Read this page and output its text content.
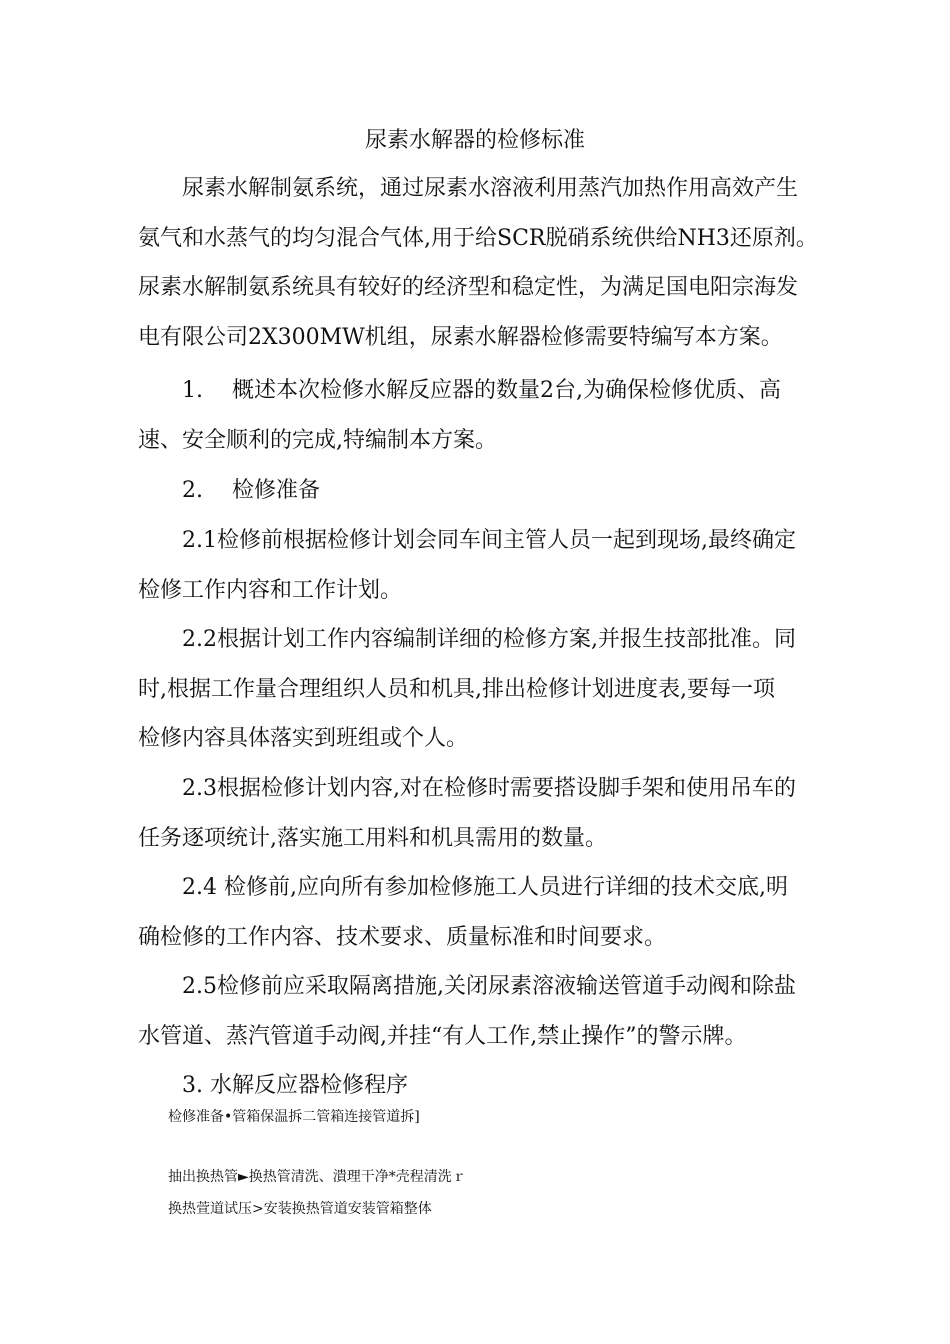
尿素水解器的检修标准
　　尿素水解制氨系统，通过尿素水溶液利用蒸汽加热作用高效产生
氨气和水蒸气的均匀混合气体,用于给SCR脱硝系统供给NH3还原剂。
尿素水解制氨系统具有较好的经济型和稳定性，为满足国电阳宗海发
电有限公司2X300MW机组，尿素水解器检修需要特编写本方案。
　　1.　 概述本次检修水解反应器的数量2台,为确保检修优质、高
速、安全顺利的完成,特编制本方案。
　　2.　 检修准备
　　2.1检修前根据检修计划会同车间主管人员一起到现场,最终确定
检修工作内容和工作计划。
　　2.2根据计划工作内容编制详细的检修方案,并报生技部批准。同
时,根据工作量合理组织人员和机具,排出检修计划进度表,要每一项
检修内容具体落实到班组或个人。
　　2.3根据检修计划内容,对在检修时需要搭设脚手架和使用吊车的
任务逐项统计,落实施工用料和机具需用的数量。
　　2.4 检修前,应向所有参加检修施工人员进行详细的技术交底,明
确检修的工作内容、技术要求、质量标准和时间要求。
　　2.5检修前应采取隔离措施,关闭尿素溶液输送管道手动阀和除盐
水管道、蒸汽管道手动阀,并挂“有人工作,禁止操作”的警示牌。
　　3. 水解反应器检修程序
检修准备•管箱保温拆二管箱连接管道拆]
抽出换热管►换热管清洗、潰理干净*壳程清洗ｒ
换热萱道试压>安装换热管道安装管箱整体
